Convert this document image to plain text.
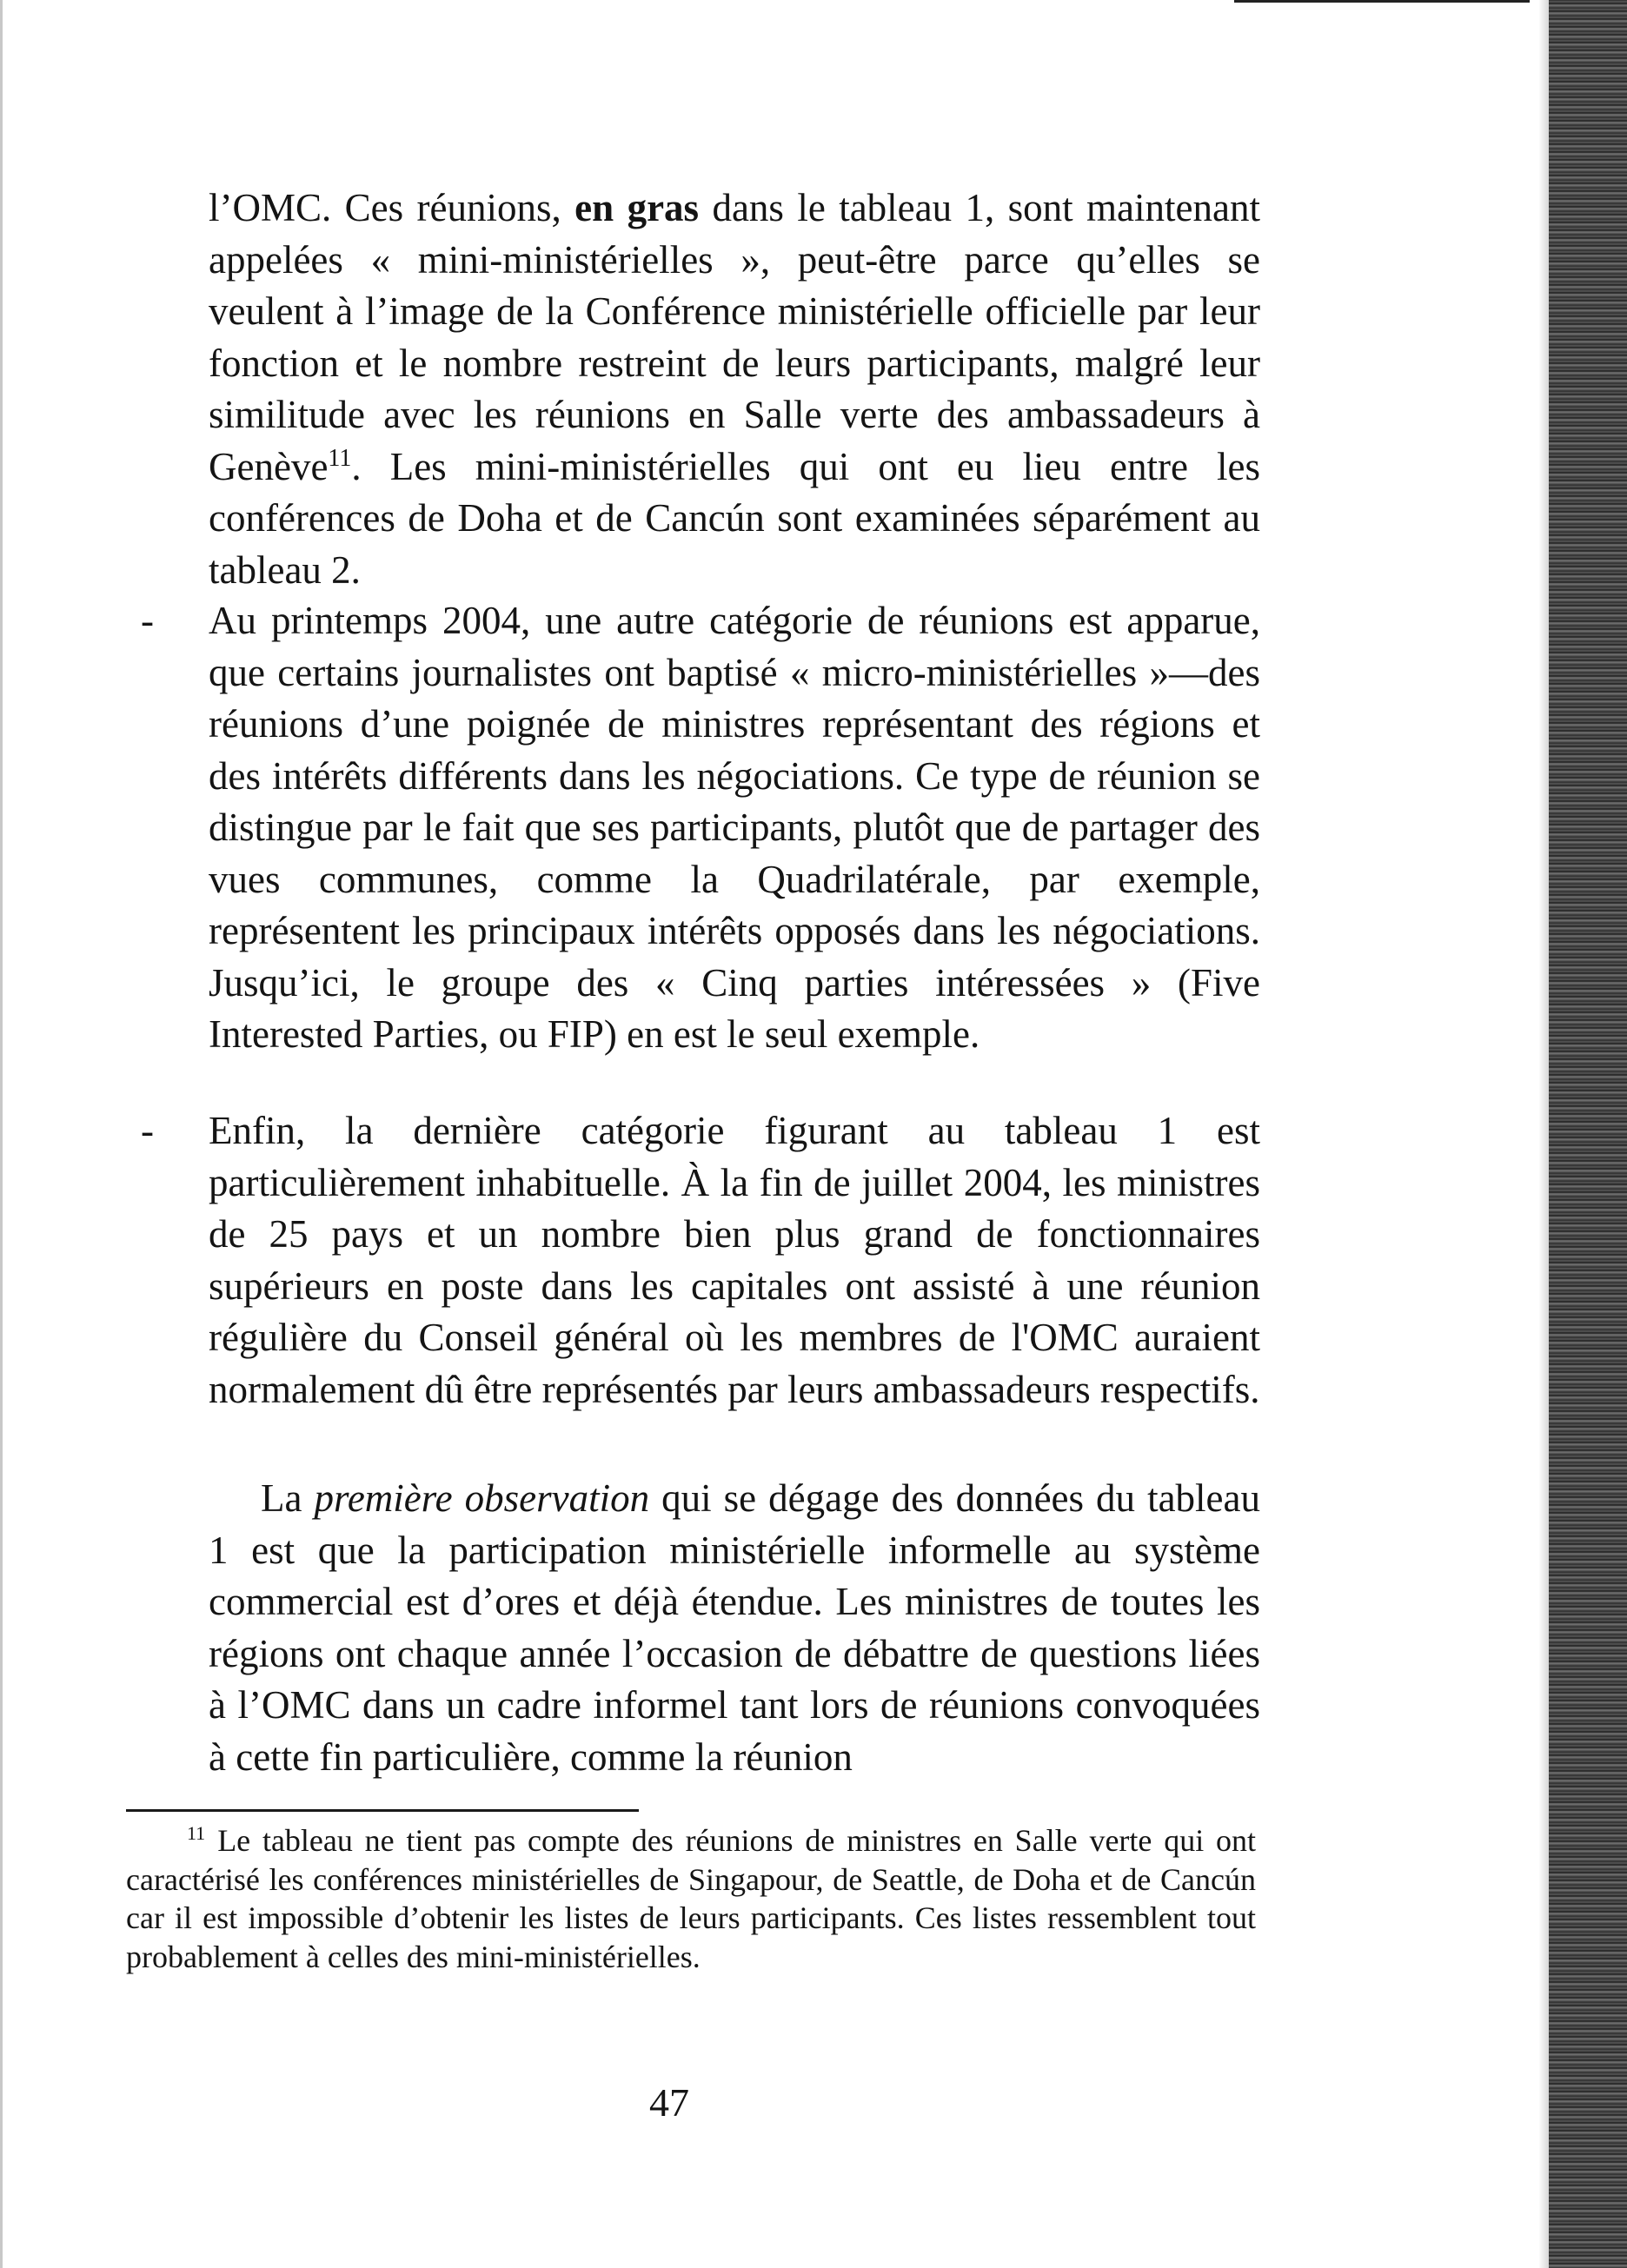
l’OMC. Ces réunions, en gras dans le tableau 1, sont maintenant appelées « mini-ministérielles », peut-être parce qu’elles se veulent à l’image de la Conférence ministérielle officielle par leur fonction et le nombre restreint de leurs participants, malgré leur similitude avec les réunions en Salle verte des ambassadeurs à Genève$^{11}$. Les mini-ministérielles qui ont eu lieu entre les conférences de Doha et de Cancún sont examinées séparément au tableau 2.
- Au printemps 2004, une autre catégorie de réunions est apparue, que certains journalistes ont baptisé « micro-ministérielles »—des réunions d’une poignée de ministres représentant des régions et des intérêts différents dans les négociations. Ce type de réunion se distingue par le fait que ses participants, plutôt que de partager des vues communes, comme la Quadrilatérale, par exemple, représentent les principaux intérêts opposés dans les négociations. Jusqu’ici, le groupe des « Cinq parties intéressées » (Five Interested Parties, ou FIP) en est le seul exemple.
- Enfin, la dernière catégorie figurant au tableau 1 est particulièrement inhabituelle. À la fin de juillet 2004, les ministres de 25 pays et un nombre bien plus grand de fonctionnaires supérieurs en poste dans les capitales ont assisté à une réunion régulière du Conseil général où les membres de l'OMC auraient normalement dû être représentés par leurs ambassadeurs respectifs.
La première observation qui se dégage des données du tableau 1 est que la participation ministérielle informelle au système commercial est d’ores et déjà étendue. Les ministres de toutes les régions ont chaque année l’occasion de débattre de questions liées à l’OMC dans un cadre informel tant lors de réunions convoquées à cette fin particulière, comme la réunion
$^{11}$ Le tableau ne tient pas compte des réunions de ministres en Salle verte qui ont caractérisé les conférences ministérielles de Singapour, de Seattle, de Doha et de Cancún car il est impossible d’obtenir les listes de leurs participants. Ces listes ressemblent tout probablement à celles des mini-ministérielles.
47
